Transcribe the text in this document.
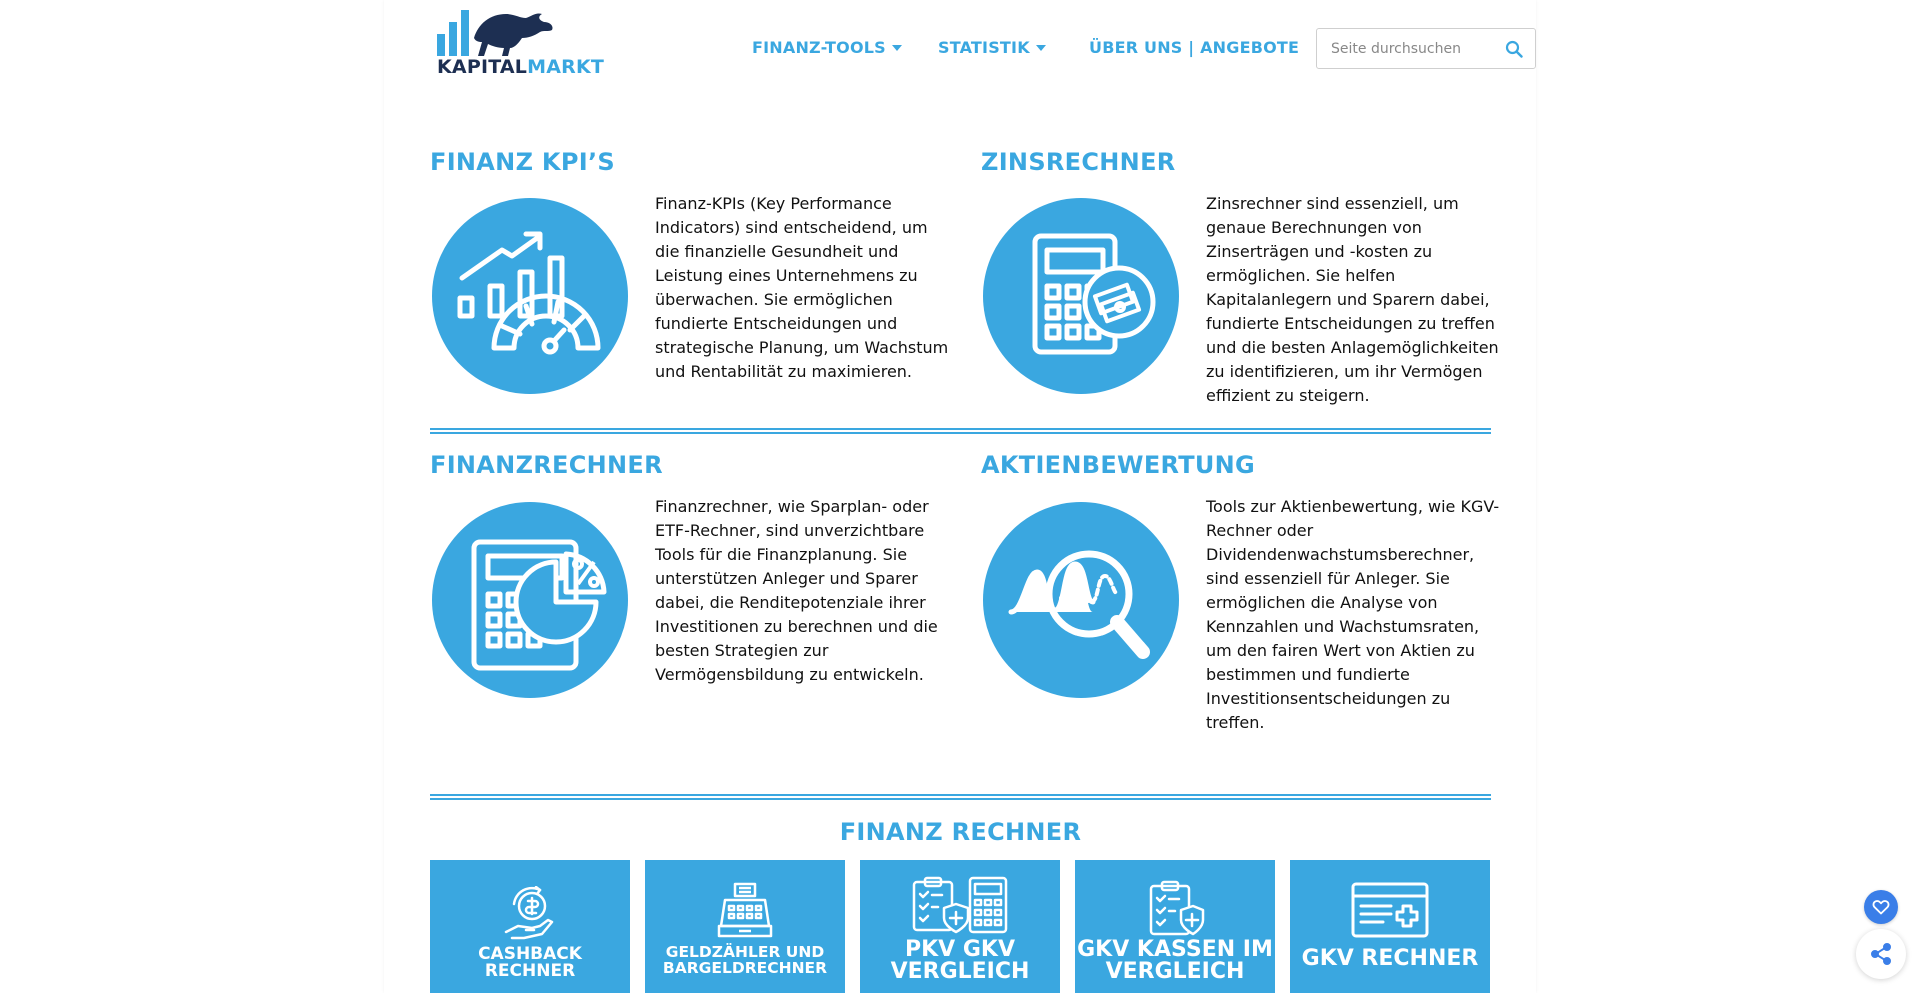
KAPITALMARKT
FINANZ-TOOLS	STATISTIK	ÜBER UNS | ANGEBOTE
Seite durchsuchen
FINANZ KPI’S
Finanz-KPIs (Key Performance Indicators) sind entscheidend, um die finanzielle Gesundheit und Leistung eines Unternehmens zu überwachen. Sie ermöglichen fundierte Entscheidungen und strategische Planung, um Wachstum und Rentabilität zu maximieren.
ZINSRECHNER
Zinsrechner sind essenziell, um genaue Berechnungen von Zinserträgen und -kosten zu ermöglichen. Sie helfen Kapitalanlegern und Sparern dabei, fundierte Entscheidungen zu treffen und die besten Anlagemöglichkeiten zu identifizieren, um ihr Vermögen effizient zu steigern.
FINANZRECHNER
Finanzrechner, wie Sparplan- oder ETF-Rechner, sind unverzichtbare Tools für die Finanzplanung. Sie unterstützen Anleger und Sparer dabei, die Renditepotenziale ihrer Investitionen zu berechnen und die besten Strategien zur Vermögensbildung zu entwickeln.
AKTIENBEWERTUNG
Tools zur Aktienbewertung, wie KGV-Rechner oder Dividendenwachstumsberechner, sind essenziell für Anleger. Sie ermöglichen die Analyse von Kennzahlen und Wachstumsraten, um den fairen Wert von Aktien zu bestimmen und fundierte Investitionsentscheidungen zu treffen.
FINANZ RECHNER
CASHBACK RECHNER
GELDZÄHLER UND
BARGELDRECHNER
PKV GKV
VERGLEICH
GKV KASSEN IM
VERGLEICH
GKV RECHNER
